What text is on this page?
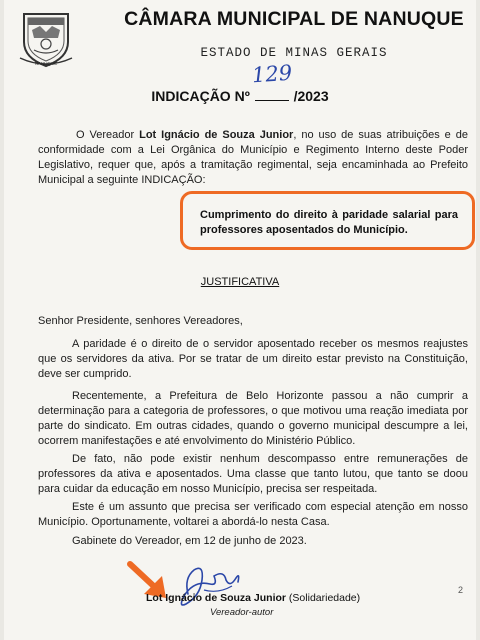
NANUQUE
CÂMARA MUNICIPAL DE NANUQUE
ESTADO DE MINAS GERAIS
129
INDICAÇÃO Nº	/2023

O Vereador Lot Ignácio de Souza Junior, no uso de suas atribuições e de conformidade com a Lei Orgânica do Município e Regimento Interno deste Poder Legislativo, requer que, após a tramitação regimental, seja encaminhada ao Prefeito Municipal a seguinte INDICAÇÃO:

Cumprimento do direito à paridade salarial para professores aposentados do Município.

JUSTIFICATIVA

Senhor Presidente, senhores Vereadores,

A paridade é o direito de o servidor aposentado receber os mesmos reajustes que os servidores da ativa. Por se tratar de um direito estar previsto na Constituição, deve ser cumprido.

Recentemente, a Prefeitura de Belo Horizonte passou a não cumprir a determinação para a categoria de professores, o que motivou uma reação imediata por parte do sindicato. Em outras cidades, quando o governo municipal descumpre a lei, ocorrem manifestações e até envolvimento do Ministério Público.

De fato, não pode existir nenhum descompasso entre remunerações de professores da ativa e aposentados. Uma classe que tanto lutou, que tanto se doou para cuidar da educação em nosso Município, precisa ser respeitada.

Este é um assunto que precisa ser verificado com especial atenção em nosso Município. Oportunamente, voltarei a abordá-lo nesta Casa.

Gabinete do Vereador, em 12 de junho de 2023.

Lot Ignácio de Souza Junior (Solidariedade)
Vereador-autor
2
